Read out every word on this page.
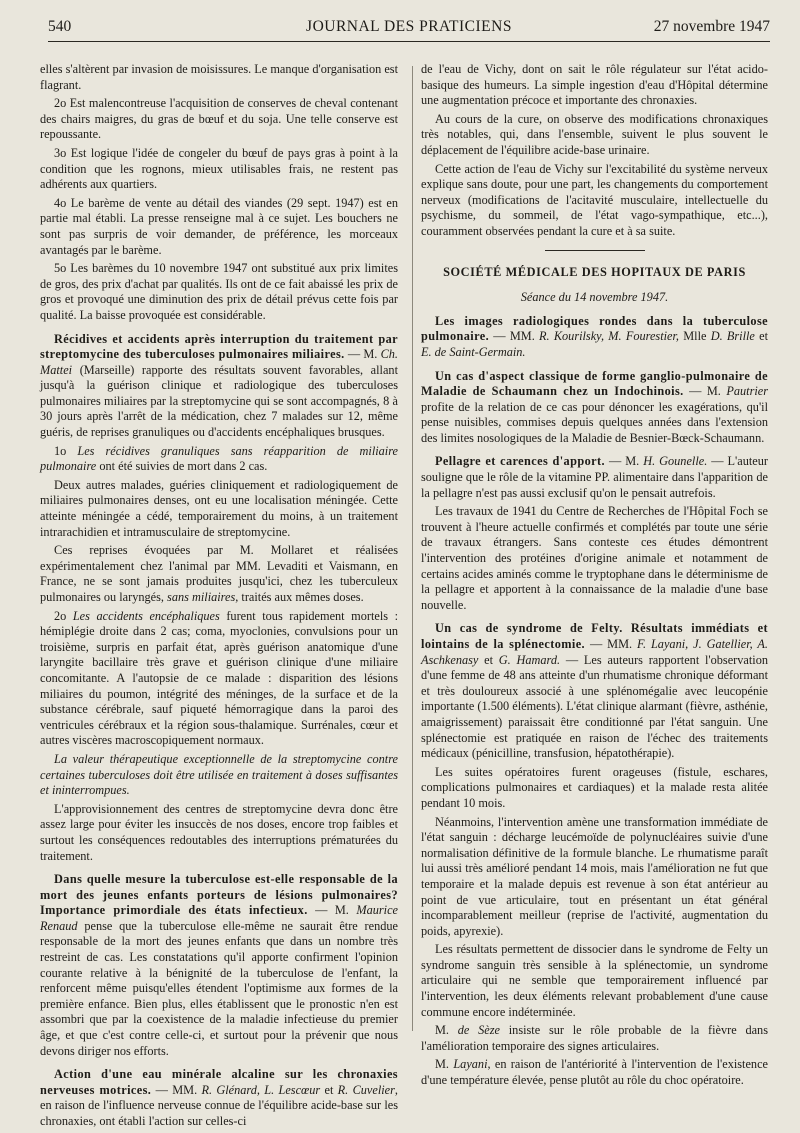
540	JOURNAL DES PRATICIENS	27 novembre 1947

elles s'altèrent par invasion de moisissures. Le manque d'organisation est flagrant.

2o Est malencontreuse l'acquisition de conserves de cheval contenant des chairs maigres, du gras de bœuf et du soja. Une telle conserve est repoussante.

3o Est logique l'idée de congeler du bœuf de pays gras à point à la condition que les rognons, mieux utilisables frais, ne restent pas adhérents aux quartiers.

4o Le barème de vente au détail des viandes (29 sept. 1947) est en partie mal établi. La presse renseigne mal à ce sujet. Les bouchers ne sont pas surpris de voir demander, de préférence, les morceaux avantagés par le barème.

5o Les barèmes du 10 novembre 1947 ont substitué aux prix limites de gros, des prix d'achat par qualités. Ils ont de ce fait abaissé les prix de gros et provoqué une diminution des prix de détail prévus cette fois par qualité. La baisse provoquée est considérable.

Récidives et accidents après interruption du traitement par streptomycine des tuberculoses pulmonaires miliaires. — M. Ch. Mattei (Marseille) rapporte des résultats souvent favorables, allant jusqu'à la guérison clinique et radiologique des tuberculoses pulmonaires miliaires par la streptomycine qui se sont accompagnés, 8 à 30 jours après l'arrêt de la médication, chez 7 malades sur 12, même guéris, de reprises granuliques ou d'accidents encéphaliques brusques.

1o Les récidives granuliques sans réapparition de miliaire pulmonaire ont été suivies de mort dans 2 cas.

Deux autres malades, guéries cliniquement et radiologiquement de miliaires pulmonaires denses, ont eu une localisation méningée. Cette atteinte méningée a cédé, temporairement du moins, à un traitement intrarachidien et intramusculaire de streptomycine.

Ces reprises évoquées par M. Mollaret et réalisées expérimentalement chez l'animal par MM. Levaditi et Vaismann, en France, ne se sont jamais produites jusqu'ici, chez les tuberculeux pulmonaires ou laryngés, sans miliaires, traités aux mêmes doses.

2o Les accidents encéphaliques furent tous rapidement mortels : hémiplégie droite dans 2 cas; coma, myoclonies, convulsions pour un troisième, surpris en parfait état, après guérison anatomique d'une laryngite bacillaire très grave et guérison clinique d'une miliaire concomitante. A l'autopsie de ce malade : disparition des lésions miliaires du poumon, intégrité des méninges, de la surface et de la substance cérébrale, sauf piqueté hémorragique dans la paroi des ventricules cérébraux et la région sous-thalamique. Surrénales, cœur et autres viscères macroscopiquement normaux.

La valeur thérapeutique exceptionnelle de la streptomycine contre certaines tuberculoses doit être utilisée en traitement à doses suffisantes et ininterrompues.

L'approvisionnement des centres de streptomycine devra donc être assez large pour éviter les insuccès de nos doses, encore trop faibles et surtout les conséquences redoutables des interruptions prématurées du traitement.

Dans quelle mesure la tuberculose est-elle responsable de la mort des jeunes enfants porteurs de lésions pulmonaires? Importance primordiale des états infectieux. — M. Maurice Renaud pense que la tuberculose elle-même ne saurait être rendue responsable de la mort des jeunes enfants que dans un nombre très restreint de cas. Les constatations qu'il apporte confirment l'opinion courante relative à la bénignité de la tuberculose de l'enfant, la renforcent même puisqu'elles étendent l'optimisme aux formes de la première enfance. Bien plus, elles établissent que le pronostic n'en est assombri que par la coexistence de la maladie infectieuse du premier âge, et que c'est contre celle-ci, et surtout pour la prévenir que nous devons diriger nos efforts.

Action d'une eau minérale alcaline sur les chronaxies nerveuses motrices. — MM. R. Glénard, L. Lescœur et R. Cuvelier, en raison de l'influence nerveuse connue de l'équilibre acide-base sur les chronaxies, ont établi l'action sur celles-ci

de l'eau de Vichy, dont on sait le rôle régulateur sur l'état acido-basique des humeurs. La simple ingestion d'eau d'Hôpital détermine une augmentation précoce et importante des chronaxies.

Au cours de la cure, on observe des modifications chronaxiques très notables, qui, dans l'ensemble, suivent le plus souvent le déplacement de l'équilibre acide-base urinaire.

Cette action de l'eau de Vichy sur l'excitabilité du système nerveux explique sans doute, pour une part, les changements du comportement nerveux (modifications de l'acitavité musculaire, intellectuelle du psychisme, du sommeil, de l'état vago-sympathique, etc...), couramment observées pendant la cure et à sa suite.

SOCIÉTÉ MÉDICALE DES HOPITAUX DE PARIS
Séance du 14 novembre 1947.

Les images radiologiques rondes dans la tuberculose pulmonaire. — MM. R. Kourilsky, M. Fourestier, Mlle D. Brille et E. de Saint-Germain.

Un cas d'aspect classique de forme ganglio-pulmonaire de Maladie de Schaumann chez un Indochinois. — M. Pautrier profite de la relation de ce cas pour dénoncer les exagérations, qu'il pense nuisibles, commises depuis quelques années dans l'extension des limites nosologiques de la Maladie de Besnier-Bœck-Schaumann.

Pellagre et carences d'apport. — M. H. Gounelle. — L'auteur souligne que le rôle de la vitamine PP. alimentaire dans l'apparition de la pellagre n'est pas aussi exclusif qu'on le pensait autrefois.

Les travaux de 1941 du Centre de Recherches de l'Hôpital Foch se trouvent à l'heure actuelle confirmés et complétés par toute une série de travaux étrangers. Sans conteste ces études démontrent l'intervention des protéines d'origine animale et notamment de certains acides aminés comme le tryptophane dans le déterminisme de la pellagre et apportent à la connaissance de la maladie d'une base nouvelle.

Un cas de syndrome de Felty. Résultats immédiats et lointains de la splénectomie. — MM. F. Layani, J. Gatellier, A. Aschkenasy et G. Hamard. — Les auteurs rapportent l'observation d'une femme de 48 ans atteinte d'un rhumatisme chronique déformant et très douloureux associé à une splénomégalie avec leucopénie importante (1.500 éléments). L'état clinique alarmant (fièvre, asthénie, amaigrissement) paraissait être conditionné par l'état sanguin. Une splénectomie est pratiquée en raison de l'échec des traitements médicaux (pénicilline, transfusion, hépatothérapie).

Les suites opératoires furent orageuses (fistule, eschares, complications pulmonaires et cardiaques) et la malade resta alitée pendant 10 mois.

Néanmoins, l'intervention amène une transformation immédiate de l'état sanguin : décharge leucémoïde de polynucléaires suivie d'une normalisation définitive de la formule blanche. Le rhumatisme paraît lui aussi très amélioré pendant 14 mois, mais l'amélioration ne fut que temporaire et la malade depuis est revenue à son état antérieur au point de vue articulaire, tout en présentant un état général incomparablement meilleur (reprise de l'activité, augmentation du poids, apyrexie).

Les résultats permettent de dissocier dans le syndrome de Felty un syndrome sanguin très sensible à la splénectomie, un syndrome articulaire qui ne semble que temporairement influencé par l'intervention, les deux éléments relevant probablement d'une cause commune encore indéterminée.

M. de Sèze insiste sur le rôle probable de la fièvre dans l'amélioration temporaire des signes articulaires.

M. Layani, en raison de l'antériorité à l'intervention de l'existence d'une température élevée, pense plutôt au rôle du choc opératoire.
